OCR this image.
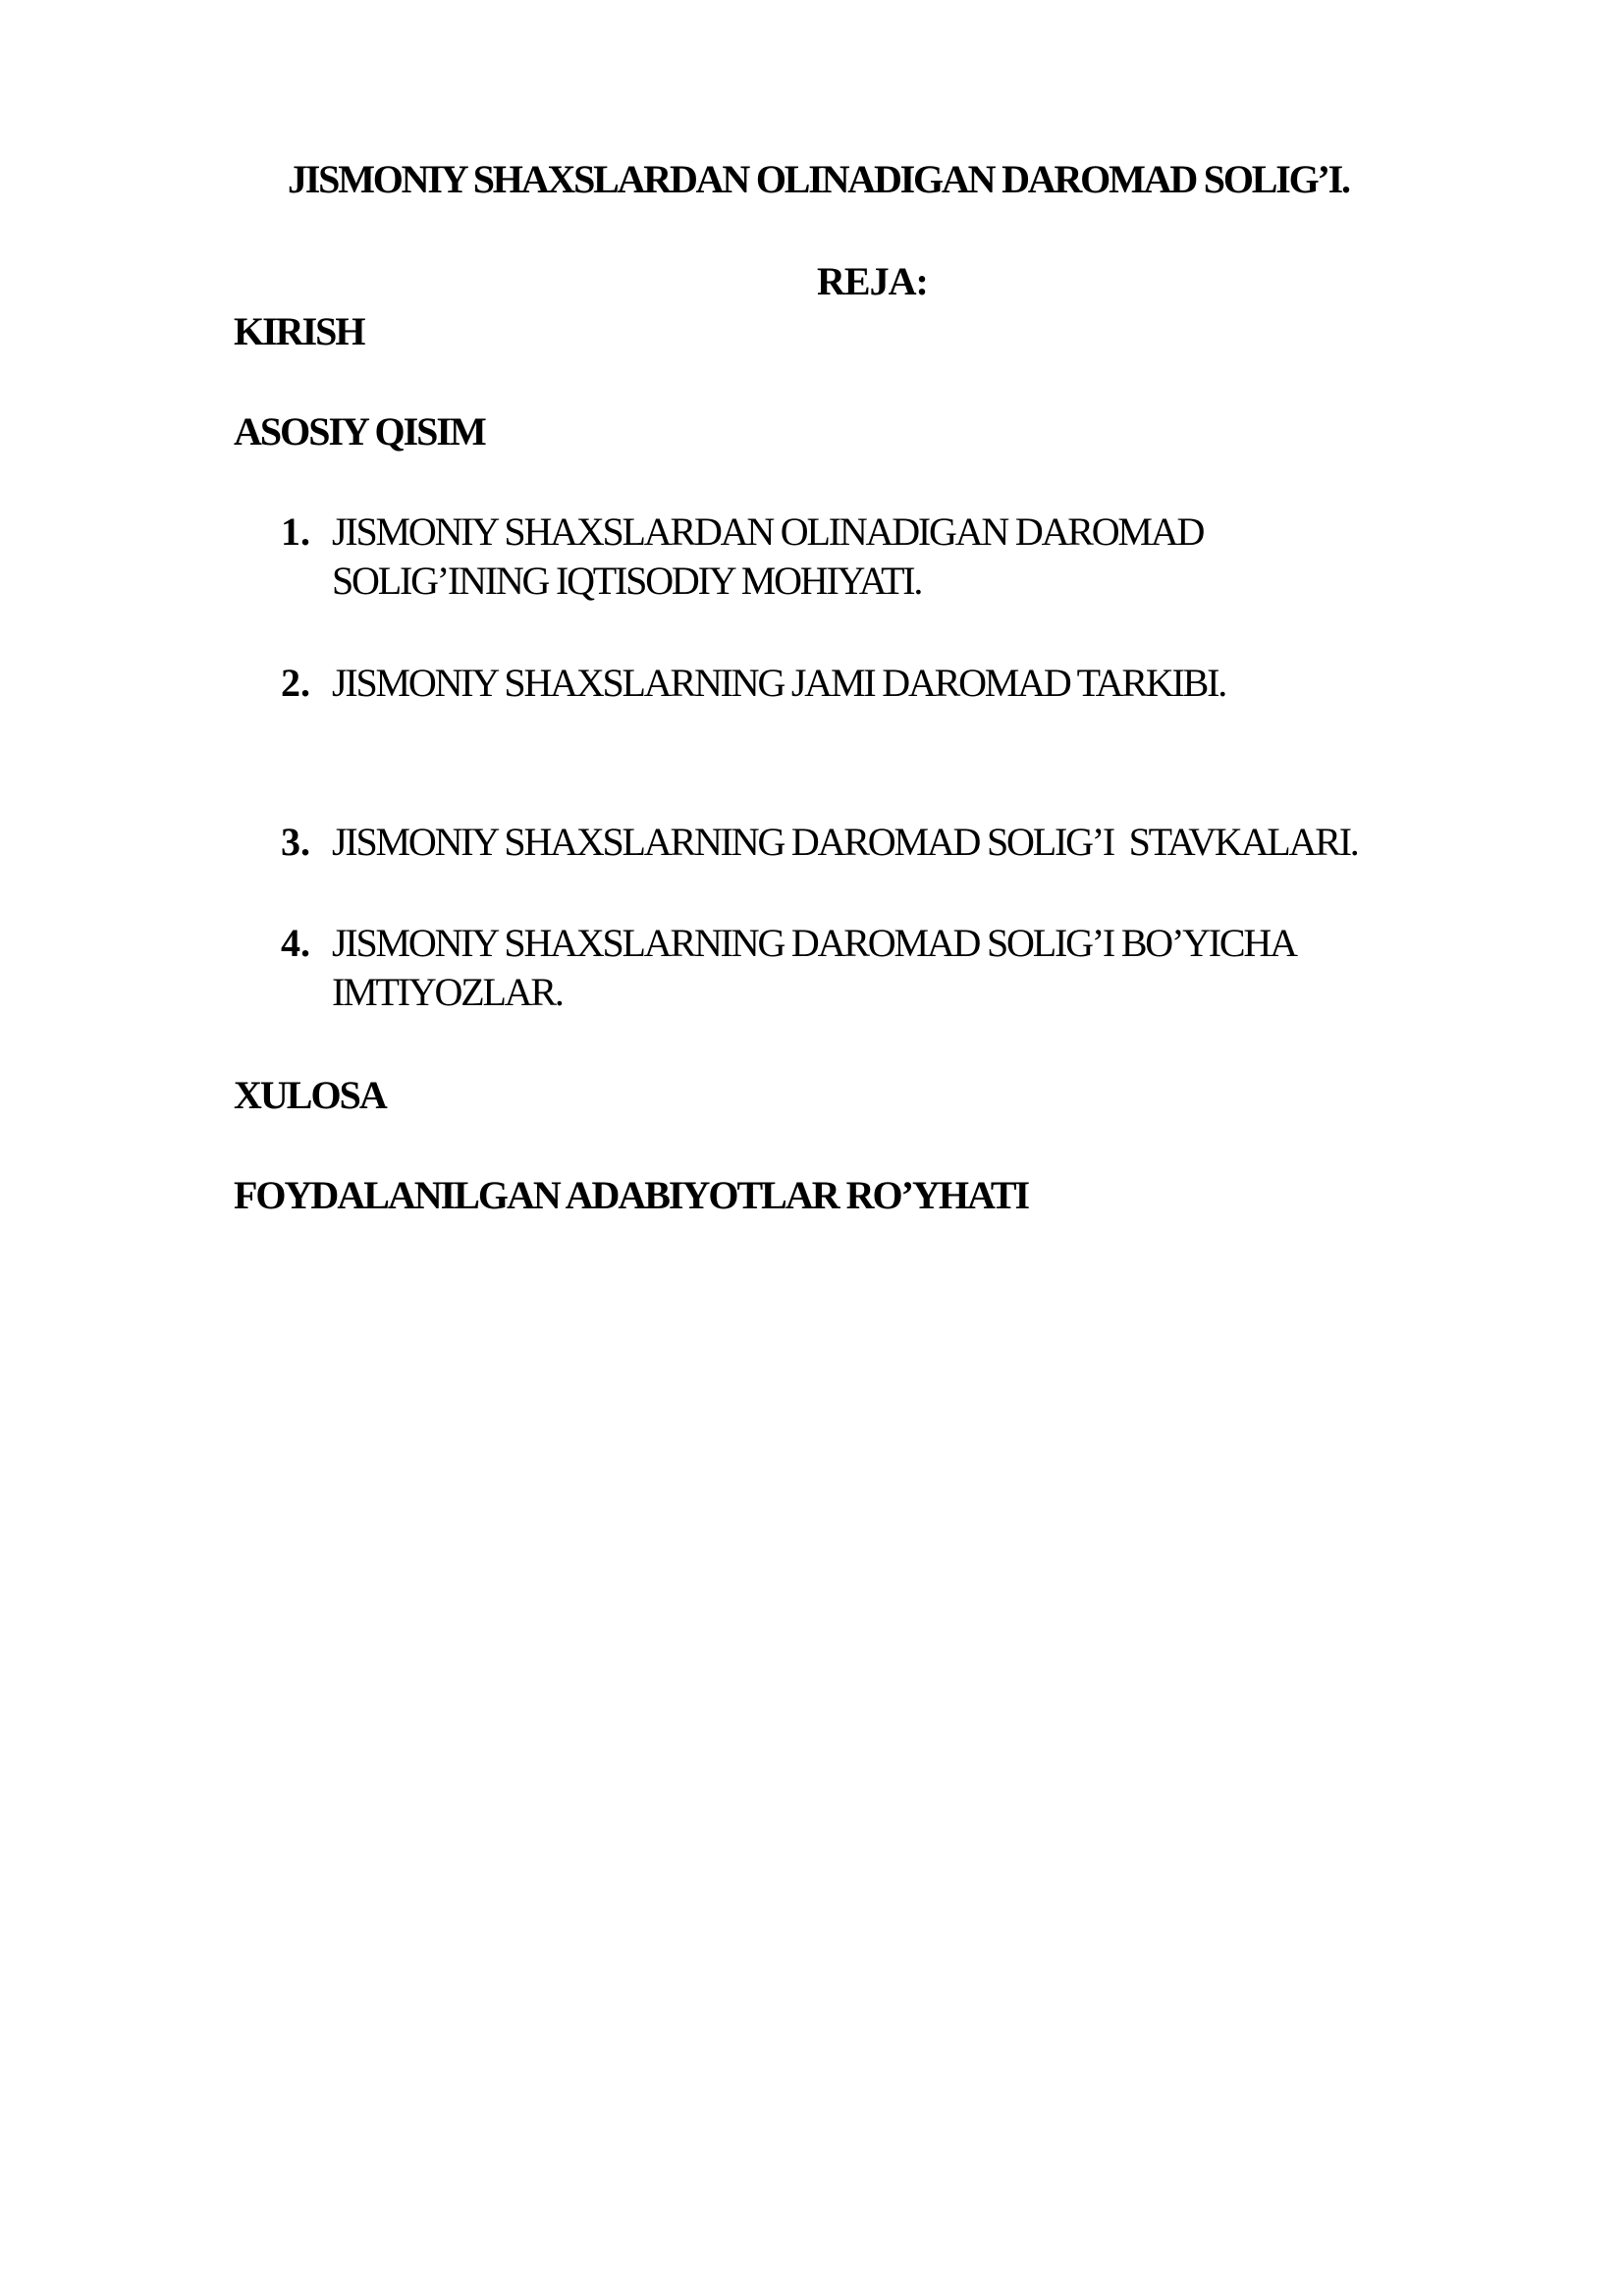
JISMONIY SHAXSLARDAN OLINADIGAN DAROMAD SOLIG’I.
REJA:
KIRISH
ASOSIY QISIM
1. JISMONIY SHAXSLARDAN OLINADIGAN DAROMAD SOLIG’INING IQTISODIY MOHIYATI.
2. JISMONIY SHAXSLARNING JAMI DAROMAD TARKIBI.
3. JISMONIY SHAXSLARNING DAROMAD SOLIG’I  STAVKALARI.
4. JISMONIY SHAXSLARNING DAROMAD SOLIG’I BO’YICHA IMTIYOZLAR.
XULOSA
FOYDALANILGAN ADABIYOTLAR RO’YHATI
